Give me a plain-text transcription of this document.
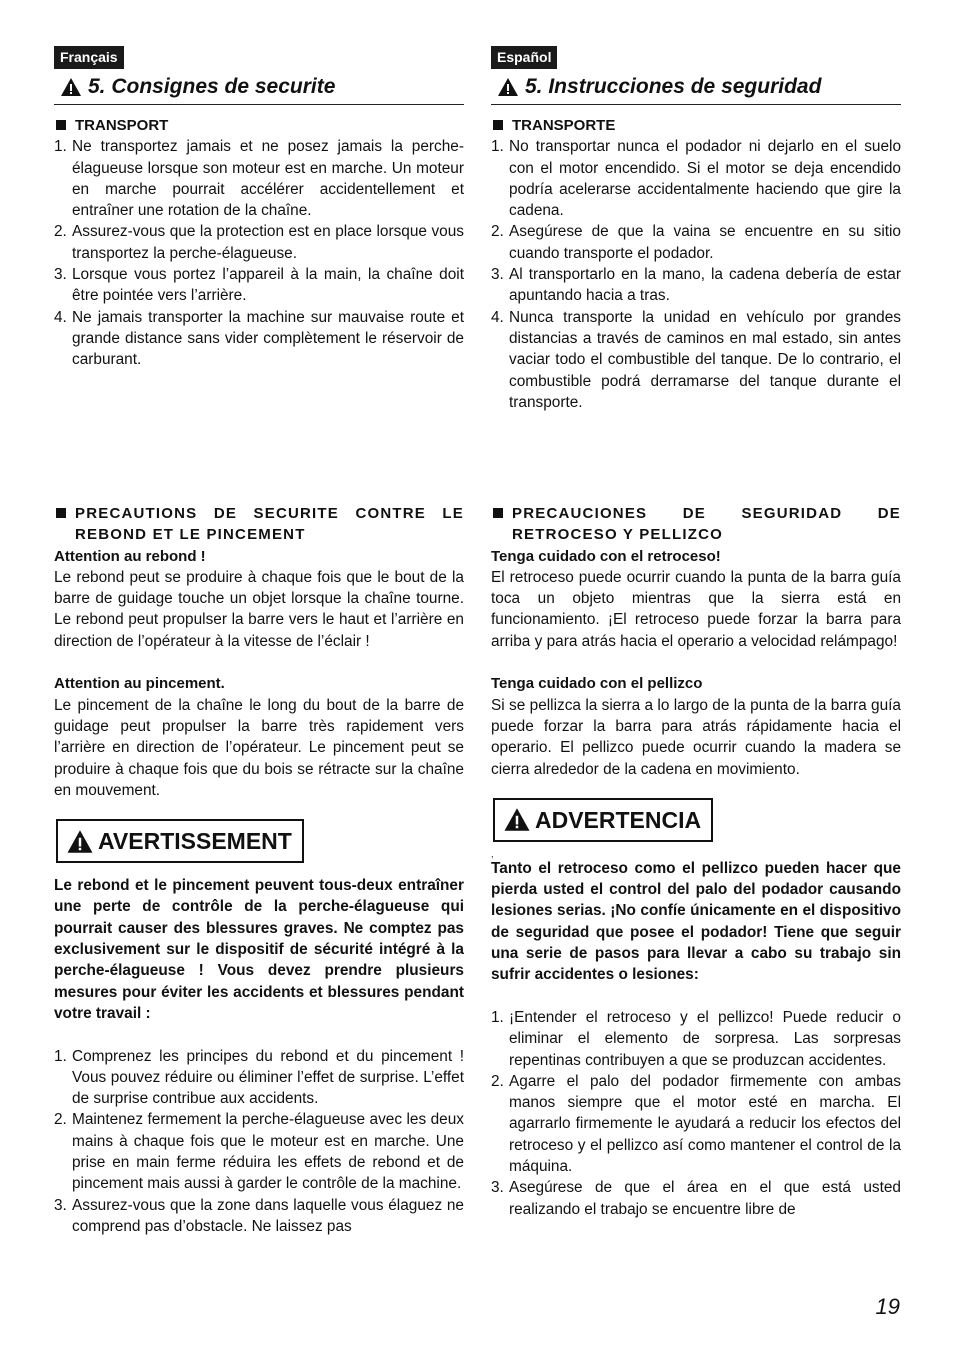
Français
5. Consignes de securite
TRANSPORT
1. Ne transportez jamais et ne posez jamais la perche-élagueuse lorsque son moteur est en marche. Un moteur en marche pourrait accélérer accidentellement et entraîner une rotation de la chaîne.
2. Assurez-vous que la protection est en place lorsque vous transportez la perche-élagueuse.
3. Lorsque vous portez l’appareil à la main, la chaîne doit être pointée vers l’arrière.
4. Ne jamais transporter la machine sur mauvaise route et grande distance sans vider complètement le réservoir de carburant.
Español
5. Instrucciones de seguridad
TRANSPORTE
1. No transportar nunca el podador ni dejarlo en el suelo con el motor encendido. Si el motor se deja encendido podría acelerarse accidentalmente haciendo que gire la cadena.
2. Asegúrese de que la vaina se encuentre en su sitio cuando transporte el podador.
3. Al transportarlo en la mano, la cadena debería de estar apuntando hacia a tras.
4. Nunca transporte la unidad en vehículo por grandes distancias a través de caminos en mal estado, sin antes vaciar todo el combustible del tanque. De lo contrario, el combustible podrá derramarse del tanque durante el transporte.
PRECAUTIONS DE SECURITE CONTRE LE REBOND ET LE PINCEMENT

Attention au rebond !

Le rebond peut se produire à chaque fois que le bout de la barre de guidage touche un objet lorsque la chaîne tourne. Le rebond peut propulser la barre vers le haut et l’arrière en direction de l’opérateur à la vitesse de l’éclair !

Attention au pincement.

Le pincement de la chaîne le long du bout de la barre de guidage peut propulser la barre très rapidement vers l’arrière en direction de l’opérateur. Le pincement peut se produire à chaque fois que du bois se rétracte sur la chaîne en mouvement.

AVERTISSEMENT

Le rebond et le pincement peuvent tous-deux entraîner une perte de contrôle de la perche-élagueuse qui pourrait causer des blessures graves. Ne comptez pas exclusivement sur le dispositif de sécurité intégré à la perche-élagueuse ! Vous devez prendre plusieurs mesures pour éviter les accidents et blessures pendant votre travail :

1. Comprenez les principes du rebond et du pincement ! Vous pouvez réduire ou éliminer l’effet de surprise. L’effet de surprise contribue aux accidents.
2. Maintenez fermement la perche-élagueuse avec les deux mains à chaque fois que le moteur est en marche. Une prise en main ferme réduira les effets de rebond et de pincement mais aussi à garder le contrôle de la machine.
3. Assurez-vous que la zone dans laquelle vous élaguez ne comprend pas d’obstacle. Ne laissez pas
PRECAUCIONES DE SEGURIDAD DE RETROCESO Y PELLIZCO

Tenga cuidado con el retroceso!

El retroceso puede ocurrir cuando la punta de la barra guía toca un objeto mientras que la sierra está en funcionamiento. ¡El retroceso puede forzar la barra para arriba y para atrás hacia el operario a velocidad relámpago!

Tenga cuidado con el pellizco

Si se pellizca la sierra a lo largo de la punta de la barra guía puede forzar la barra para atrás rápidamente hacia el operario. El pellizco puede ocurrir cuando la madera se cierra alrededor de la cadena en movimiento.

ADVERTENCIA
,

Tanto el retroceso como el pellizco pueden hacer que pierda usted el control del palo del podador causando lesiones serias. ¡No confíe únicamente en el dispositivo de seguridad que posee el podador! Tiene que seguir una serie de pasos para llevar a cabo su trabajo sin sufrir accidentes o lesiones:

1. ¡Entender el retroceso y el pellizco! Puede reducir o eliminar el elemento de sorpresa. Las sorpresas repentinas contribuyen a que se produzcan accidentes.
2. Agarre el palo del podador firmemente con ambas manos siempre que el motor esté en marcha. El agarrarlo firmemente le ayudará a reducir los efectos del retroceso y el pellizco así como mantener el control de la máquina.
3. Asegúrese de que el área en el que está usted realizando el trabajo se encuentre libre de
19
